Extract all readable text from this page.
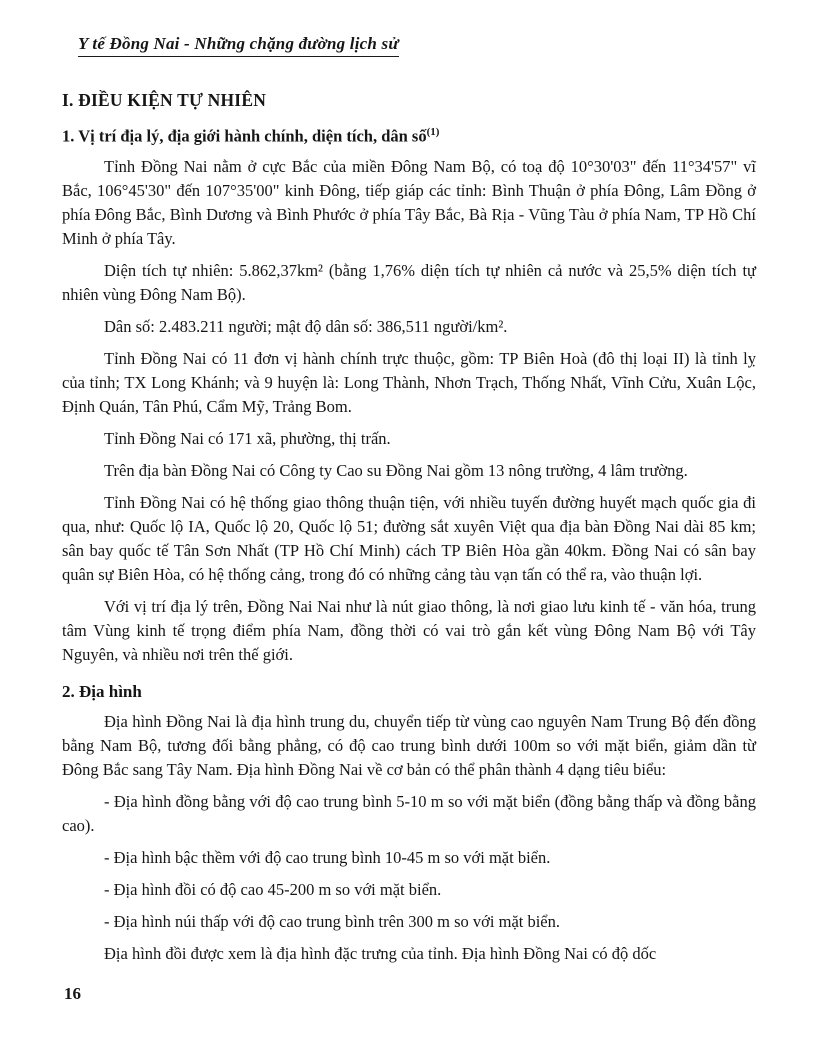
Y tế Đồng Nai - Những chặng đường lịch sử
I. ĐIỀU KIỆN TỰ NHIÊN
1. Vị trí địa lý, địa giới hành chính, diện tích, dân số$^{(1)}$

Tỉnh Đồng Nai nằm ở cực Bắc của miền Đông Nam Bộ, có toạ độ 10°30'03" đến 11°34'57" vĩ Bắc, 106°45'30" đến 107°35'00" kinh Đông, tiếp giáp các tỉnh: Bình Thuận ở phía Đông, Lâm Đồng ở phía Đông Bắc, Bình Dương và Bình Phước ở phía Tây Bắc, Bà Rịa - Vũng Tàu ở phía Nam, TP Hồ Chí Minh ở phía Tây.

Diện tích tự nhiên: 5.862,37km² (bằng 1,76% diện tích tự nhiên cả nước và 25,5% diện tích tự nhiên vùng Đông Nam Bộ).

Dân số: 2.483.211 người; mật độ dân số: 386,511 người/km².

Tỉnh Đồng Nai có 11 đơn vị hành chính trực thuộc, gồm: TP Biên Hoà (đô thị loại II) là tỉnh lỵ của tỉnh; TX Long Khánh; và 9 huyện là: Long Thành, Nhơn Trạch, Thống Nhất, Vĩnh Cửu, Xuân Lộc, Định Quán, Tân Phú, Cẩm Mỹ, Trảng Bom.

Tỉnh Đồng Nai có 171 xã, phường, thị trấn.

Trên địa bàn Đồng Nai có Công ty Cao su Đồng Nai gồm 13 nông trường, 4 lâm trường.

Tỉnh Đồng Nai có hệ thống giao thông thuận tiện, với nhiều tuyến đường huyết mạch quốc gia đi qua, như: Quốc lộ IA, Quốc lộ 20, Quốc lộ 51; đường sắt xuyên Việt qua địa bàn Đồng Nai dài 85 km; sân bay quốc tế Tân Sơn Nhất (TP Hồ Chí Minh) cách TP Biên Hòa gần 40km. Đồng Nai có sân bay quân sự Biên Hòa, có hệ thống cảng, trong đó có những cảng tàu vạn tấn có thể ra, vào thuận lợi.

Với vị trí địa lý trên, Đồng Nai Nai như là nút giao thông, là nơi giao lưu kinh tế - văn hóa, trung tâm Vùng kinh tế trọng điểm phía Nam, đồng thời có vai trò gắn kết vùng Đông Nam Bộ với Tây Nguyên, và nhiều nơi trên thế giới.

2. Địa hình

Địa hình Đồng Nai là địa hình trung du, chuyển tiếp từ vùng cao nguyên Nam Trung Bộ đến đồng bằng Nam Bộ, tương đối bằng phẳng, có độ cao trung bình dưới 100m so với mặt biển, giảm dần từ Đông Bắc sang Tây Nam. Địa hình Đồng Nai về cơ bản có thể phân thành 4 dạng tiêu biểu:

- Địa hình đồng bằng với độ cao trung bình 5-10 m so với mặt biển (đồng bằng thấp và đồng bằng cao).

- Địa hình bậc thềm với độ cao trung bình 10-45 m so với mặt biển.

- Địa hình đồi có độ cao 45-200 m so với mặt biển.

- Địa hình núi thấp với độ cao trung bình trên 300 m so với mặt biển.

Địa hình đồi được xem là địa hình đặc trưng của tỉnh. Địa hình Đồng Nai có độ dốc

16
